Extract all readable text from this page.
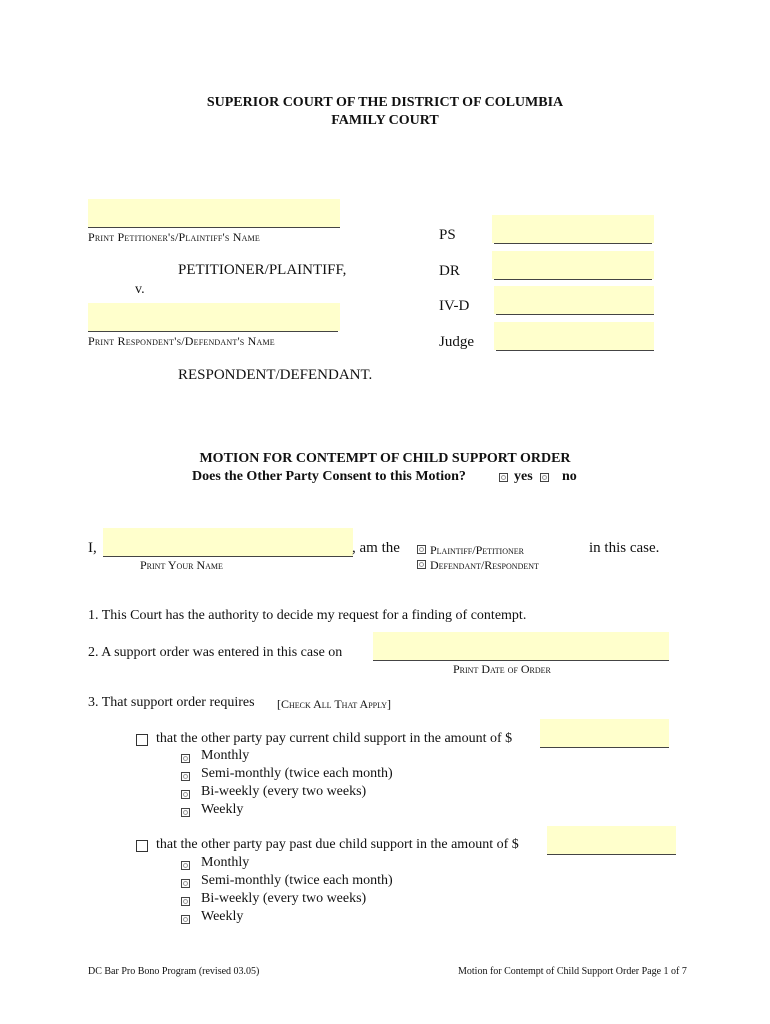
SUPERIOR COURT OF THE DISTRICT OF COLUMBIA
FAMILY COURT
Print Petitioner's/Plaintiff's Name
PETITIONER/PLAINTIFF,
v.
Print Respondent's/Defendant's Name
RESPONDENT/DEFENDANT.
PS
DR
IV-D
Judge
MOTION FOR CONTEMPT OF CHILD SUPPORT ORDER
Does the Other Party Consent to this Motion?	yes no
I,	, am the
Print Your Name
Plaintiff/Petitioner
Defendant/Respondent
in this case.
1. This Court has the authority to decide my request for a finding of contempt.
2. A support order was entered in this case on
Print Date of Order
3. That support order requires [Check All That Apply]
that the other party pay current child support in the amount of $
Monthly
Semi-monthly (twice each month)
Bi-weekly (every two weeks)
Weekly
that the other party pay past due child support in the amount of $
Monthly
Semi-monthly (twice each month)
Bi-weekly (every two weeks)
Weekly
DC Bar Pro Bono Program (revised 03.05)	Motion for Contempt of Child Support Order Page 1 of 7
